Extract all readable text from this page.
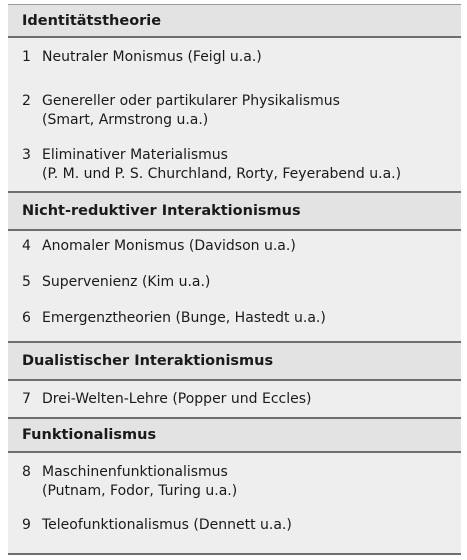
Identitätstheorie
1 Neutraler Monismus (Feigl u.a.)
2 Genereller oder partikularer Physikalismus
(Smart, Armstrong u.a.)
3 Eliminativer Materialismus
(P. M. und P. S. Churchland, Rorty, Feyerabend u.a.)
Nicht-reduktiver Interaktionismus
4 Anomaler Monismus (Davidson u.a.)
5 Supervenienz (Kim u.a.)
6 Emergenztheorien (Bunge, Hastedt u.a.)
Dualistischer Interaktionismus
7 Drei-Welten-Lehre (Popper und Eccles)
Funktionalismus
8 Maschinenfunktionalismus
(Putnam, Fodor, Turing u.a.)
9 Teleofunktionalismus (Dennett u.a.)
